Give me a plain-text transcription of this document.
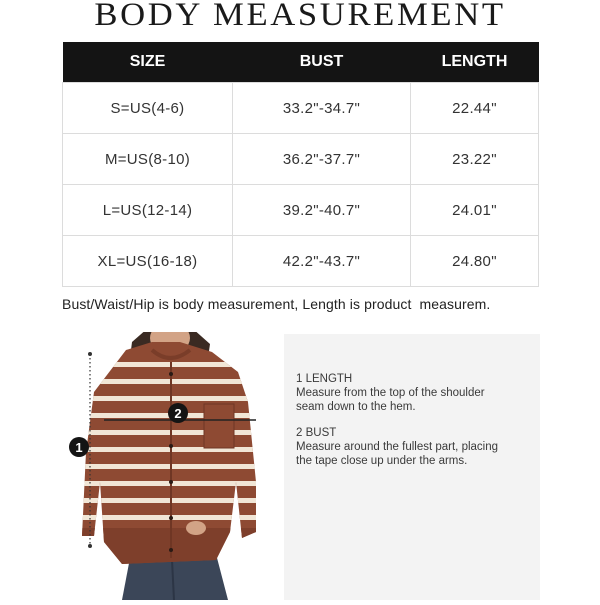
BODY MEASUREMENT
SIZE	BUST	LENGTH
S=US(4-6)	33.2"-34.7"	22.44"
M=US(8-10)	36.2"-37.7"	23.22"
L=US(12-14)	39.2"-40.7"	24.01"
XL=US(16-18)	42.2"-43.7"	24.80"
Bust/Waist/Hip is body measurement, Length is product  measurem.
1
2
1 LENGTH
Measure from the top of the shoulder
seam down to the hem.
2 BUST
Measure around the fullest part, placing
the tape close up under the arms.
